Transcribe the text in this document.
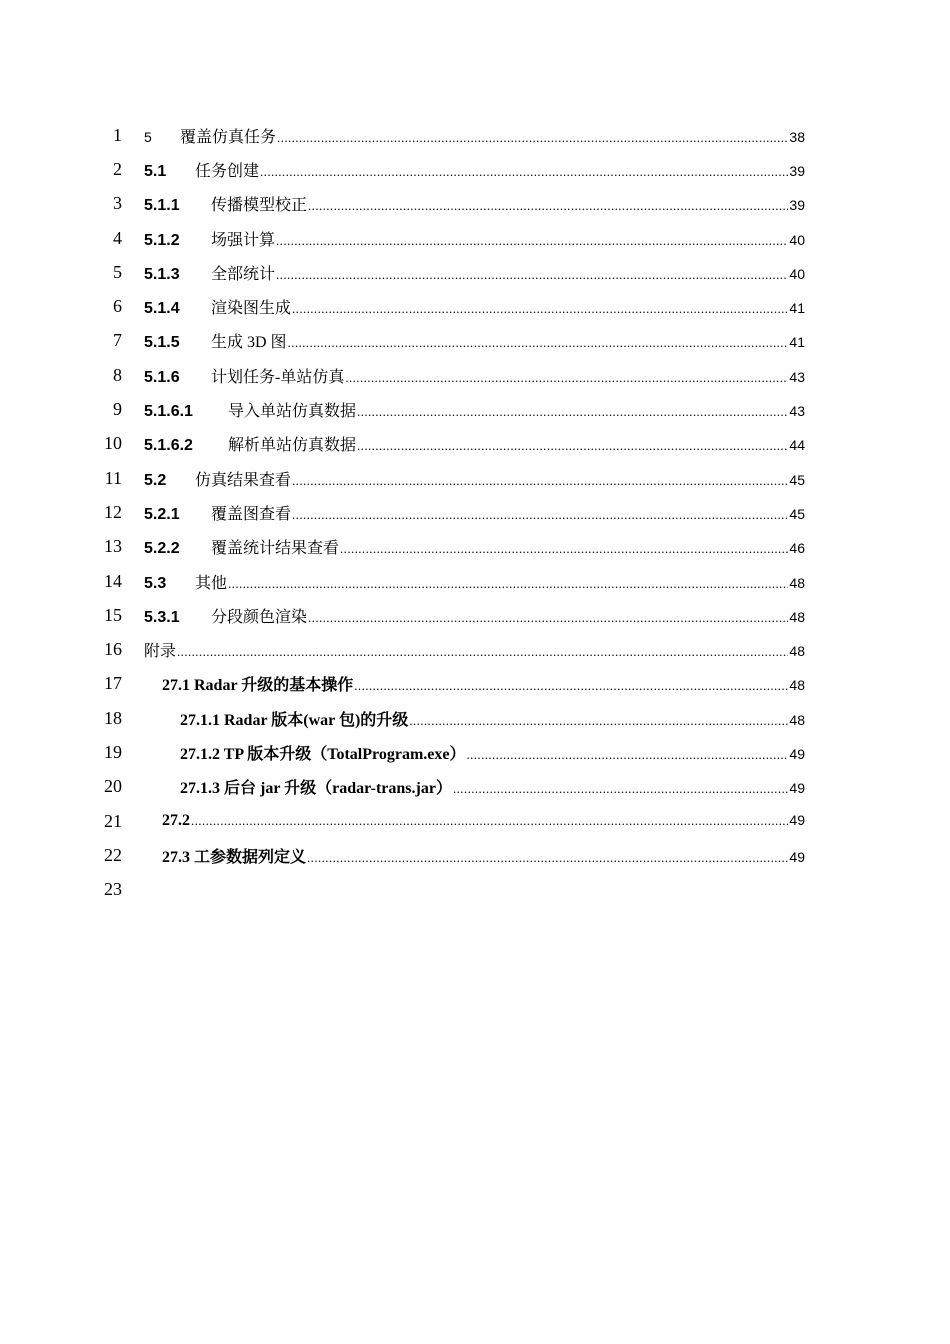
1 5	覆盖仿真任务 .....	38
2 5.1	任务创建 .....	39
3 5.1.1	传播模型校正 .....	39
4 5.1.2	场强计算 .....	40
5 5.1.3	全部统计 .....	40
6 5.1.4	渲染图生成 .....	41
7 5.1.5	生成 3D 图 .....	41
8 5.1.6	计划任务-单站仿真 .....	43
9 5.1.6.1	导入单站仿真数据 .....	43
10 5.1.6.2	解析单站仿真数据 .....	44
11 5.2	仿真结果查看 .....	45
12 5.2.1	覆盖图查看 .....	45
13 5.2.2	覆盖统计结果查看 .....	46
14 5.3	其他 .....	48
15 5.3.1	分段颜色渲染 .....	48
16 附录 .....	48
17	27.1 Radar 升级的基本操作 .....	48
18	27.1.1 Radar 版本(war 包)的升级 .....	48
19	27.1.2 TP 版本升级（TotalProgram.exe） .....	49
20	27.1.3 后台 jar 升级（radar-trans.jar） .....	49
21	27.2 .....	49
22	27.3 工参数据列定义 .....	49
23
